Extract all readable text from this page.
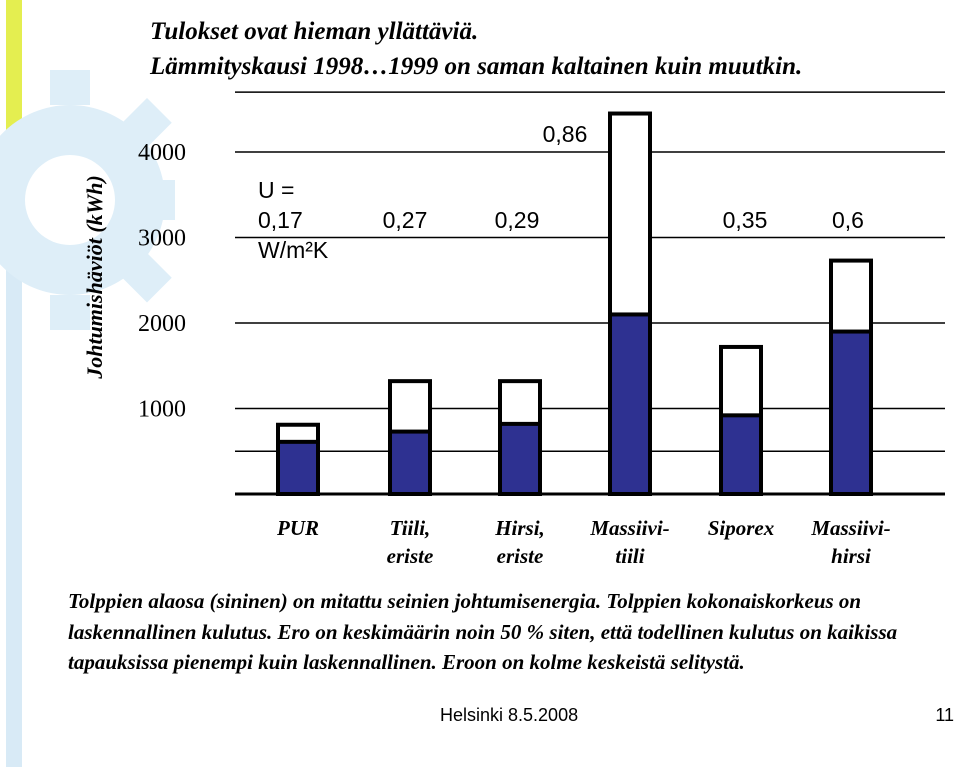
Tulokset ovat hieman yllättäviä.
Lämmityskausi 1998…1999 on saman kaltainen kuin muutkin.
Johtumishäviöt (kWh)
1000
2000
3000
4000
PUR	Tiili,
eriste
Hirsi,
eriste
Massiivi-
tiili
Siporex Massiivi-
hirsi
U =
0,17
W/m²K
0,27	0,29
0,86
0,35	0,6
Tolppien alaosa (sininen) on mitattu seinien johtumisenergia. Tolppien kokonaiskorkeus on laskennallinen kulutus. Ero on keskimäärin noin 50 % siten, että todellinen kulutus on kaikissa tapauksissa pienempi kuin laskennallinen. Eroon on kolme keskeistä selitystä.
Helsinki 8.5.2008	11
